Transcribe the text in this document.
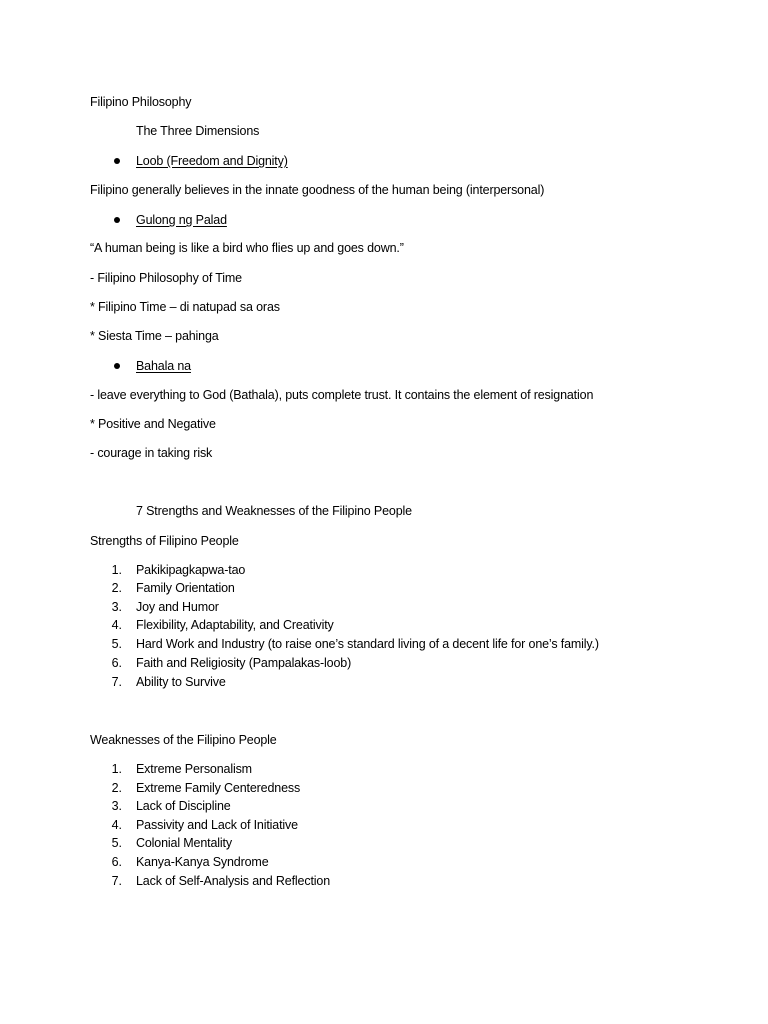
Filipino Philosophy
The Three Dimensions
Loob (Freedom and Dignity)
Filipino generally believes in the innate goodness of the human being (interpersonal)
Gulong ng Palad
“A human being is like a bird who flies up and goes down.”
- Filipino Philosophy of Time
* Filipino Time – di natupad sa oras
* Siesta Time – pahinga
Bahala na
- leave everything to God (Bathala), puts complete trust. It contains the element of resignation
* Positive and Negative
- courage in taking risk
7 Strengths and Weaknesses of the Filipino People
Strengths of Filipino People
1. Pakikipagkapwa-tao
2. Family Orientation
3. Joy and Humor
4. Flexibility, Adaptability, and Creativity
5. Hard Work and Industry (to raise one’s standard living of a decent life for one’s family.)
6. Faith and Religiosity (Pampalakas-loob)
7. Ability to Survive
Weaknesses of the Filipino People
1. Extreme Personalism
2. Extreme Family Centeredness
3. Lack of Discipline
4. Passivity and Lack of Initiative
5. Colonial Mentality
6. Kanya-Kanya Syndrome
7. Lack of Self-Analysis and Reflection
